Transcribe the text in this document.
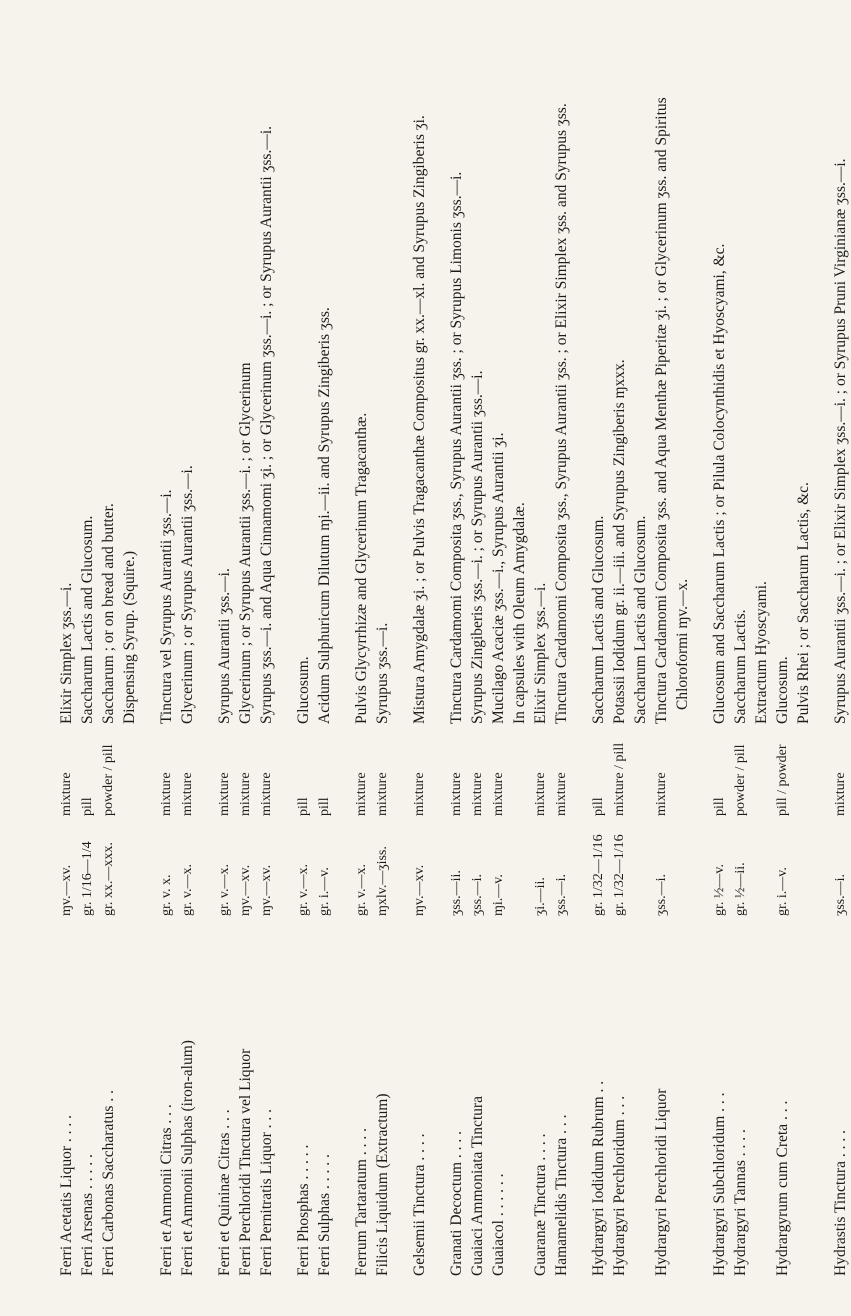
Ferri Acetatis Liquor . . . .
ɱv.—xv.
mixture
Elixir Simplex ʒss.—i.
Ferri Arsenas . . . . .
gr. 1/16—1/4
pill
Saccharum Lactis and Glucosum.
Ferri Carbonas Saccharatus . .
gr. xx.—xxx.
powder / pill
Saccharum ; or on bread and butter. Dispensing Syrup. (Squire.)
Ferri et Ammonii Citras . . .
gr. v. x.
mixture
Tinctura vel Syrupus Aurantii ʒss.—i.
Ferri et Ammonii Sulphas (iron-alum)
gr. v.—x.
mixture
Glycerinum ; or Syrupus Aurantii ʒss.—i.
Ferri et Quininæ Citras . . .
gr. v.—x.
mixture
Syrupus Aurantii ʒss.—i.
Ferri Perchloridi Tinctura vel Liquor
ɱv.—xv.
mixture
Glycerinum ; or Syrupus Aurantii ʒss.—i. ; or Glycerinum
Ferri Pernitratis Liquor . . .
ɱv.—xv.
mixture
Syrupus ʒss.—i. and Aqua Cinnamomi ʒi. ; or Glycerinum ʒss.—i. ; or Syrupus Aurantii ʒss.—i.
Ferri Phosphas . . . . .
gr. v.—x.
pill
Glucosum.
Ferri Sulphas . . . . .
gr. i.—v.
pill
Acidum Sulphuricum Dilutum ɱi.—ii. and Syrupus Zingiberis ʒss.
Ferrum Tartaratum . . . .
gr. v.—x.
mixture
Pulvis Glycyrrhizæ and Glycerinum Tragacanthæ.
Filicis Liquidum (Extractum)
ɱxlv.—ʒiss.
mixture
Syrupus ʒss.—i.
Gelsemii Tinctura . . . .
ɱv.—xv.
mixture
Mistura Amygdalæ ʒi. ; or Pulvis Tragacanthæ Compositus gr. xx.—xl. and Syrupus Zingiberis ʒi.
Granati Decoctum . . . .
ʒss.—ii.
mixture
Tinctura Cardamomi Composita ʒss., Syrupus Aurantii ʒss. ; or Syrupus Limonis ʒss.—i.
Guaiaci Ammoniata Tinctura
ʒss.—i.
mixture
Syrupus Zingiberis ʒss.—i. ; or Syrupus Aurantii ʒss.—i.
Guaiacol . . . . . .
ɱi.—v.
mixture
Mucilago Acaciæ ʒss.—i., Syrupus Aurantii ʒi. In capsules with Oleum Amygdalæ.
Guaranæ Tinctura . . . .
ʒi.—ii.
mixture
Elixir Simplex ʒss.—i.
Hamamelidis Tinctura . . .
ʒss.—i.
mixture
Tinctura Cardamomi Composita ʒss., Syrupus Aurantii ʒss. ; or Elixir Simplex ʒss. and Syrupus ʒss.
Hydrargyri Iodidum Rubrum . .
gr. 1/32—1/16
pill
Saccharum Lactis and Glucosum.
Hydrargyri Perchloridum . . .
gr. 1/32—1/16
mixture / pill
Potassii Iodidum gr. ii.—iii. and Syrupus Zingiberis ɱxxx. Saccharum Lactis and Glucosum.
Hydrargyri Perchloridi Liquor
ʒss.—i.
mixture
Tinctura Cardamomi Composita ʒss. and Aqua Menthæ Piperitæ ʒi. ; or Glycerinum ʒss. and Spiritus Chloroformi ɱv.—x.
Hydrargyri Subchloridum . . .
gr. ½—v.
pill
Glucosum and Saccharum Lactis ; or Pilula Colocynthidis et Hyoscyami, &c.
Hydrargyri Tannas . . . .
gr. ½—ii.
powder / pill
Saccharum Lactis. Extractum Hyoscyami.
Hydrargyrum cum Creta . . .
gr. i.—v.
pill / powder
Glucosum. Pulvis Rhei ; or Saccharum Lactis, &c.
Hydrastis Tinctura . . . .
ʒss.—i.
mixture
Syrupus Aurantii ʒss.—i. ; or Elixir Simplex ʒss.—i. ; or Syrupus Pruni Virginianæ ʒss.—i.
